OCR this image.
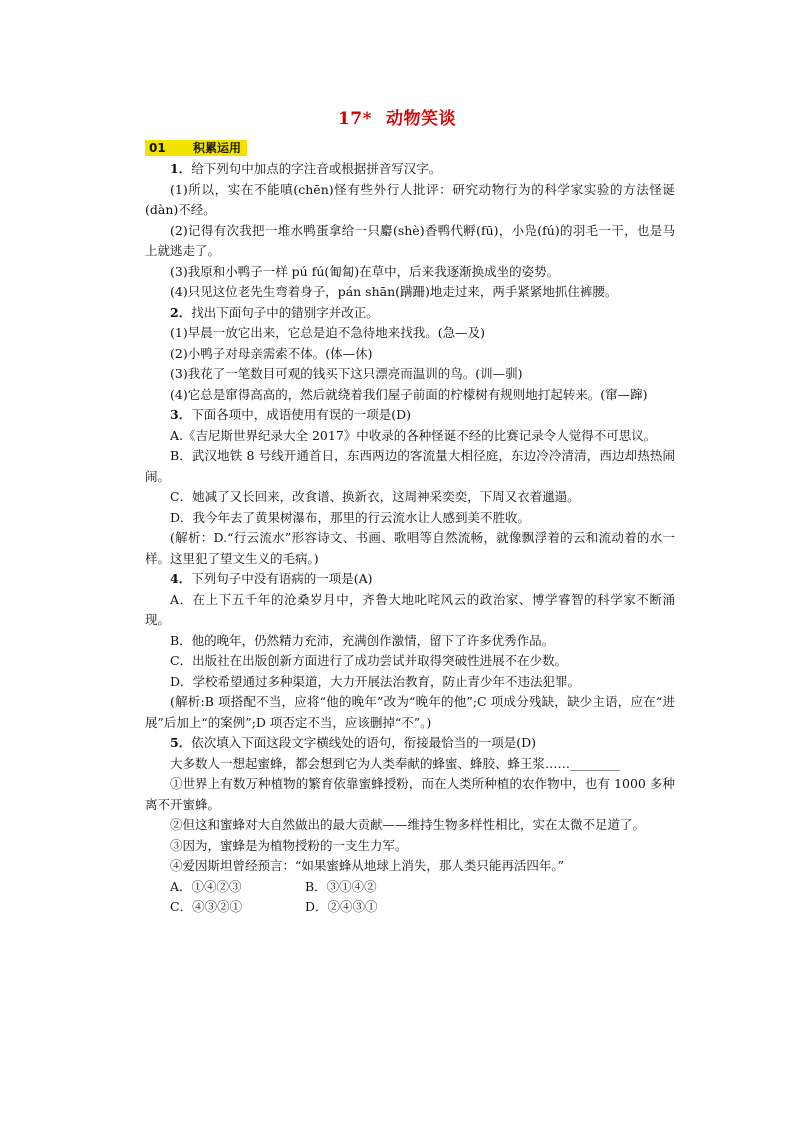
17* 动物笑谈
01 积累运用

1．给下列句中加点的字注音或根据拼音写汉字。

(1)所以，实在不能嗔(chēn)怪有些外行人批评：研究动物行为的科学家实验的方法怪诞(dàn)不经。

(2)记得有次我把一堆水鸭蛋拿给一只麝(shè)香鸭代孵(fū)，小凫(fú)的羽毛一干，也是马上就逃走了。

(3)我原和小鸭子一样 pú fú(匍匐)在草中，后来我逐渐换成坐的姿势。

(4)只见这位老先生弯着身子，pán shān(蹒跚)地走过来，两手紧紧地抓住裤腰。

2．找出下面句子中的错别字并改正。

(1)早晨一放它出来，它总是迫不急待地来找我。(急—及)

(2)小鸭子对母亲需索不体。(体—休)

(3)我花了一笔数目可观的钱买下这只漂亮而温训的鸟。(训—驯)

(4)它总是窜得高高的，然后就绕着我们屋子前面的柠檬树有规则地打起转来。(窜—蹿)

3．下面各项中，成语使用有误的一项是(D)

A.《吉尼斯世界纪录大全 2017》中收录的各种怪诞不经的比赛记录令人觉得不可思议。

B．武汉地铁 8 号线开通首日，东西两边的客流量大相径庭，东边冷冷清清，西边却热热闹闹。

C．她减了又长回来，改食谱、换新衣，这周神采奕奕，下周又衣着邋遢。

D．我今年去了黄果树瀑布，那里的行云流水让人感到美不胜收。

(解析：D.“行云流水”形容诗文、书画、歌唱等自然流畅，就像飘浮着的云和流动着的水一样。这里犯了望文生义的毛病。)

4．下列句子中没有语病的一项是(A)

A．在上下五千年的沧桑岁月中，齐鲁大地叱咤风云的政治家、博学睿智的科学家不断涌现。

B．他的晚年，仍然精力充沛，充满创作激情，留下了许多优秀作品。

C．出版社在出版创新方面进行了成功尝试并取得突破性进展不在少数。

D．学校希望通过多种渠道，大力开展法治教育，防止青少年不违法犯罪。

(解析:B 项搭配不当，应将“他的晚年”改为“晚年的他”;C 项成分残缺，缺少主语，应在“进展”后加上“的案例”;D 项否定不当，应该删掉“不”。)

5．依次填入下面这段文字横线处的语句，衔接最恰当的一项是(D)

大多数人一想起蜜蜂，都会想到它为人类奉献的蜂蜜、蜂胶、蜂王浆……________

①世界上有数万种植物的繁育依靠蜜蜂授粉，而在人类所种植的农作物中，也有 1000 多种离不开蜜蜂。

②但这和蜜蜂对大自然做出的最大贡献——维持生物多样性相比，实在太微不足道了。

③因为，蜜蜂是为植物授粉的一支生力军。

④爱因斯坦曾经预言：“如果蜜蜂从地球上消失，那人类只能再活四年。”

A．①④②③	B．③①④②
C．④③②①	D．②④③①
